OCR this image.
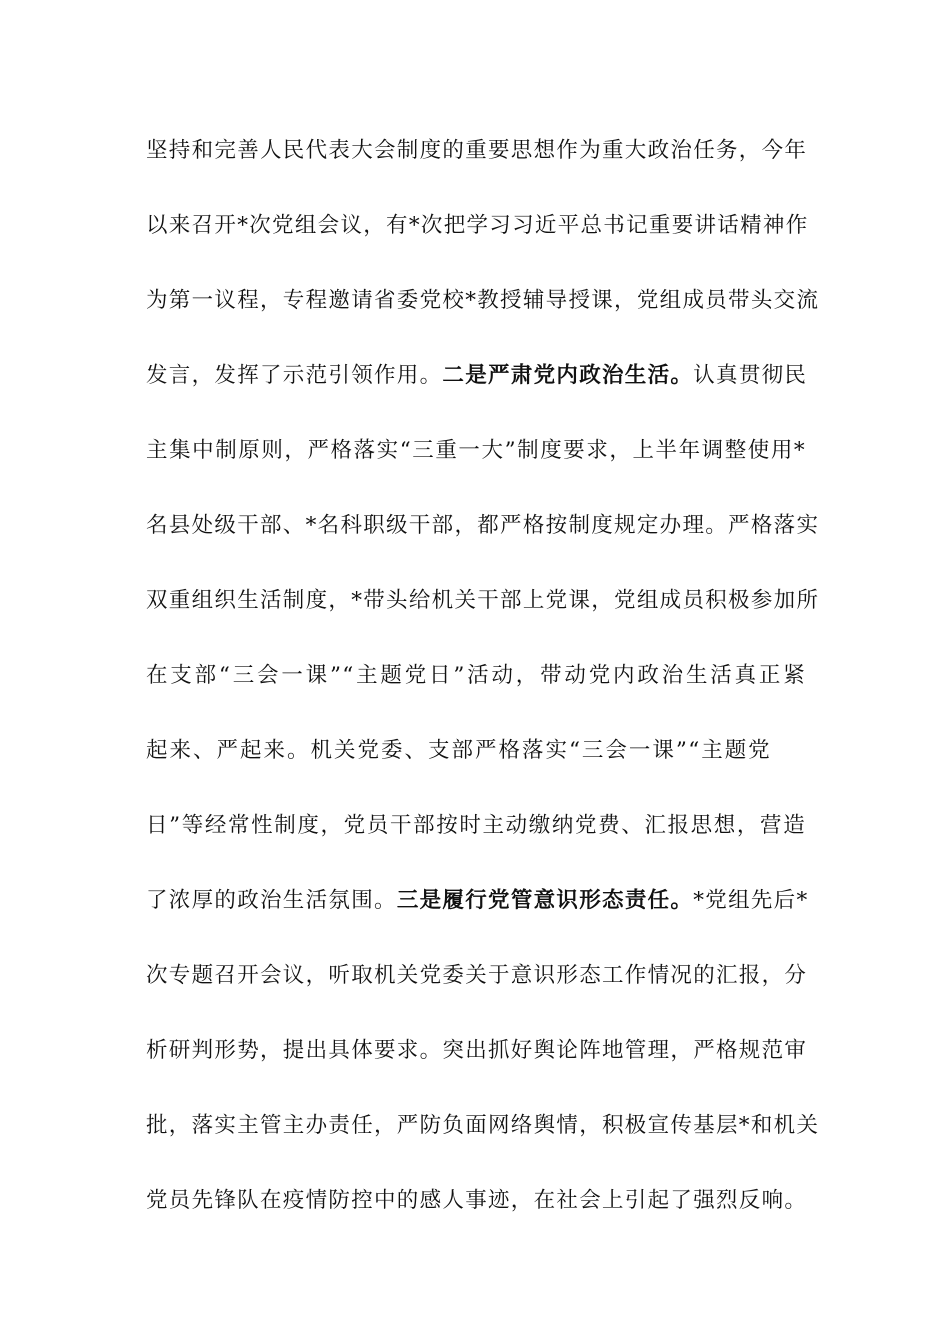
坚持和完善人民代表大会制度的重要思想作为重大政治任务，今年
以来召开*次党组会议，有*次把学习习近平总书记重要讲话精神作
为第一议程，专程邀请省委党校*教授辅导授课，党组成员带头交流
发言，发挥了示范引领作用。二是严肃党内政治生活。认真贯彻民
主集中制原则，严格落实“三重一大”制度要求，上半年调整使用*
名县处级干部、*名科职级干部，都严格按制度规定办理。严格落实
双重组织生活制度，*带头给机关干部上党课，党组成员积极参加所
在支部“三会一课”“主题党日”活动，带动党内政治生活真正紧
起来、严起来。机关党委、支部严格落实“三会一课”“主题党
日”等经常性制度，党员干部按时主动缴纳党费、汇报思想，营造
了浓厚的政治生活氛围。三是履行党管意识形态责任。*党组先后*
次专题召开会议，听取机关党委关于意识形态工作情况的汇报，分
析研判形势，提出具体要求。突出抓好舆论阵地管理，严格规范审
批，落实主管主办责任，严防负面网络舆情，积极宣传基层*和机关
党员先锋队在疫情防控中的感人事迹，在社会上引起了强烈反响。
